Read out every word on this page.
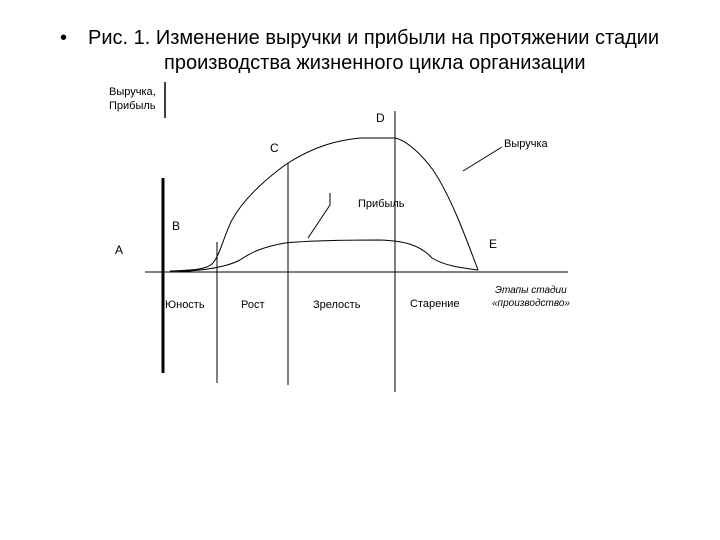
• Рис. 1. Изменение выручки и прибыли на протяжении стадии
производства жизненного цикла организации
Выручка,
Прибыль
D
C
B
A	E
Выручка
Прибыль
Юность	Рост	Зрелость	Старение
Этапы стадии
«производство»
